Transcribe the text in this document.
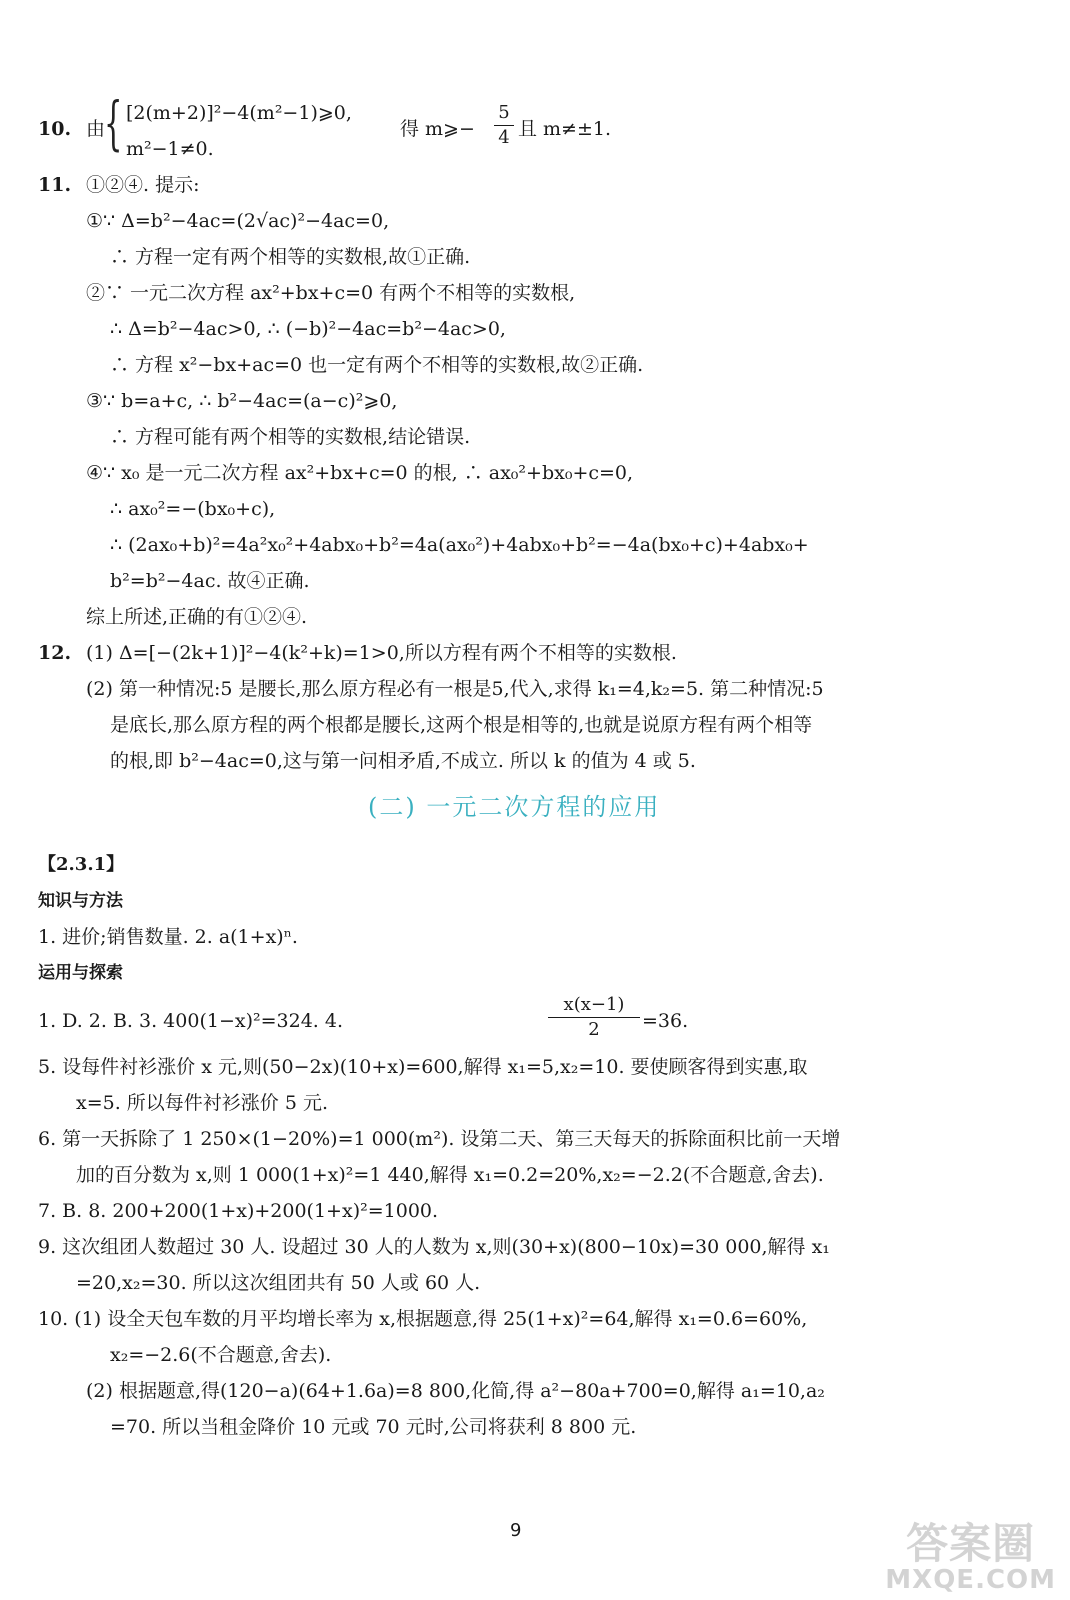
10. 由
{ [2(m+2)]²−4(m²−1)⩾0,
m²−1≠0.
得 m⩾−
5
4 且 m≠±1.
11. ①②④. 提示:
①∵ Δ=b²−4ac=(2√ac)²−4ac=0,
∴ 方程一定有两个相等的实数根,故①正确.
②∵ 一元二次方程 ax²+bx+c=0 有两个不相等的实数根,
∴ Δ=b²−4ac>0, ∴ (−b)²−4ac=b²−4ac>0,
∴ 方程 x²−bx+ac=0 也一定有两个不相等的实数根,故②正确.
③∵ b=a+c, ∴ b²−4ac=(a−c)²⩾0,
∴ 方程可能有两个相等的实数根,结论错误.
④∵ x₀ 是一元二次方程 ax²+bx+c=0 的根, ∴ ax₀²+bx₀+c=0,
∴ ax₀²=−(bx₀+c),
∴ (2ax₀+b)²=4a²x₀²+4abx₀+b²=4a(ax₀²)+4abx₀+b²=−4a(bx₀+c)+4abx₀+
b²=b²−4ac. 故④正确.
综上所述,正确的有①②④.
12. (1) Δ=[−(2k+1)]²−4(k²+k)=1>0,所以方程有两个不相等的实数根.
(2) 第一种情况:5 是腰长,那么原方程必有一根是5,代入,求得 k₁=4,k₂=5. 第二种情况:5
是底长,那么原方程的两个根都是腰长,这两个根是相等的,也就是说原方程有两个相等
的根,即 b²−4ac=0,这与第一问相矛盾,不成立. 所以 k 的值为 4 或 5.
(二) 一元二次方程的应用
【2.3.1】
知识与方法
1. 进价;销售数量. 2. a(1+x)ⁿ.
运用与探索
1. D. 2. B. 3. 400(1−x)²=324. 4.
x(x−1)
2	=36.
5. 设每件衬衫涨价 x 元,则(50−2x)(10+x)=600,解得 x₁=5,x₂=10. 要使顾客得到实惠,取
x=5. 所以每件衬衫涨价 5 元.
6. 第一天拆除了 1 250×(1−20%)=1 000(m²). 设第二天、第三天每天的拆除面积比前一天增
加的百分数为 x,则 1 000(1+x)²=1 440,解得 x₁=0.2=20%,x₂=−2.2(不合题意,舍去).
7. B. 8. 200+200(1+x)+200(1+x)²=1000.
9. 这次组团人数超过 30 人. 设超过 30 人的人数为 x,则(30+x)(800−10x)=30 000,解得 x₁
=20,x₂=30. 所以这次组团共有 50 人或 60 人.
10. (1) 设全天包车数的月平均增长率为 x,根据题意,得 25(1+x)²=64,解得 x₁=0.6=60%,
x₂=−2.6(不合题意,舍去).
(2) 根据题意,得(120−a)(64+1.6a)=8 800,化简,得 a²−80a+700=0,解得 a₁=10,a₂
=70. 所以当租金降价 10 元或 70 元时,公司将获利 8 800 元.
9	答案圈
MXQE.COM
